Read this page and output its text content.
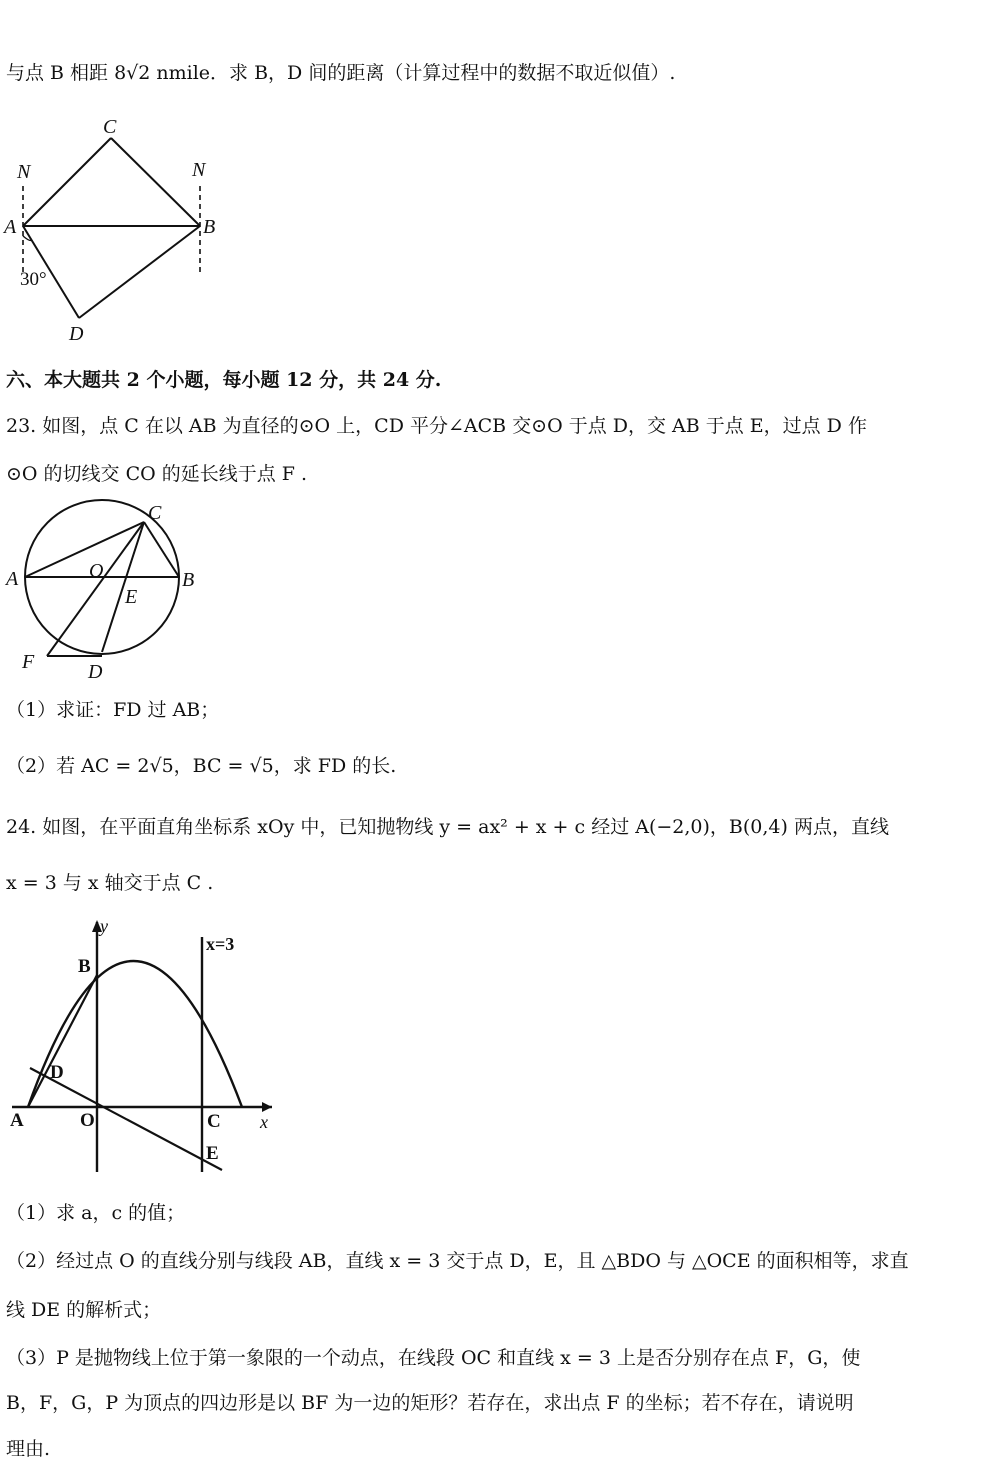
与点 B 相距 8√2 nmile．求 B，D 间的距离（计算过程中的数据不取近似值）.
C
N	N
A	B
30°
D
六、本大题共 2 个小题，每小题 12 分，共 24 分.
23. 如图，点 C 在以 AB 为直径的⊙O 上，CD 平分∠ACB 交⊙O 于点 D，交 AB 于点 E，过点 D 作
⊙O 的切线交 CO 的延长线于点 F .
C
A	B
O
E
F	D
（1）求证：FD 过 AB；
（2）若 AC = 2√5，BC = √5，求 FD 的长.
24. 如图，在平面直角坐标系 xOy 中，已知抛物线 y = ax² + x + c 经过 A(−2,0)，B(0,4) 两点，直线
x = 3 与 x 轴交于点 C .
y
x
x=3
B
D
A	O	C
E
（1）求 a，c 的值；
（2）经过点 O 的直线分别与线段 AB，直线 x = 3 交于点 D，E，且 △BDO 与 △OCE 的面积相等，求直
线 DE 的解析式；
（3）P 是抛物线上位于第一象限的一个动点，在线段 OC 和直线 x = 3 上是否分别存在点 F，G，使
B，F，G，P 为顶点的四边形是以 BF 为一边的矩形？若存在，求出点 F 的坐标；若不存在，请说明
理由.
